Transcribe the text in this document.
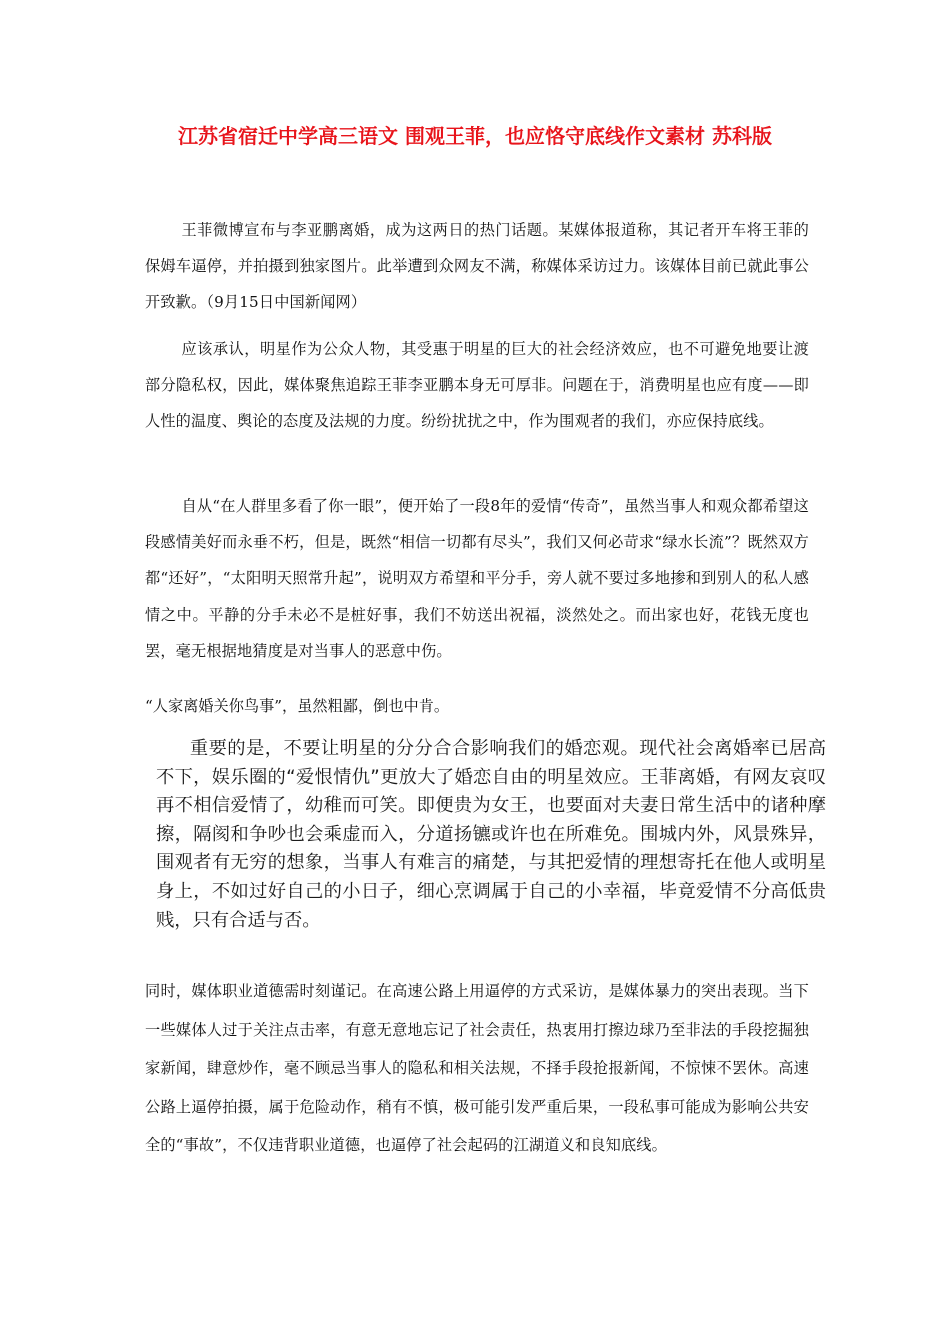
江苏省宿迁中学高三语文 围观王菲，也应恪守底线作文素材 苏科版

王菲微博宣布与李亚鹏离婚，成为这两日的热门话题。某媒体报道称，其记者开车将王菲的保姆车逼停，并拍摄到独家图片。此举遭到众网友不满，称媒体采访过力。该媒体目前已就此事公开致歉。（9月15日中国新闻网）

应该承认，明星作为公众人物，其受惠于明星的巨大的社会经济效应，也不可避免地要让渡部分隐私权，因此，媒体聚焦追踪王菲李亚鹏本身无可厚非。问题在于，消费明星也应有度——即人性的温度、舆论的态度及法规的力度。纷纷扰扰之中，作为围观者的我们，亦应保持底线。

自从“在人群里多看了你一眼”，便开始了一段8年的爱情“传奇”，虽然当事人和观众都希望这段感情美好而永垂不朽，但是，既然“相信一切都有尽头”，我们又何必苛求“绿水长流”？既然双方都“还好”，“太阳明天照常升起”，说明双方希望和平分手，旁人就不要过多地掺和到别人的私人感情之中。平静的分手未必不是桩好事，我们不妨送出祝福，淡然处之。而出家也好，花钱无度也罢，毫无根据地猜度是对当事人的恶意中伤。

“人家离婚关你鸟事”，虽然粗鄙，倒也中肯。

重要的是，不要让明星的分分合合影响我们的婚恋观。现代社会离婚率已居高不下，娱乐圈的“爱恨情仇”更放大了婚恋自由的明星效应。王菲离婚，有网友哀叹再不相信爱情了，幼稚而可笑。即便贵为女王，也要面对夫妻日常生活中的诸种摩擦，隔阂和争吵也会乘虚而入，分道扬镳或许也在所难免。围城内外，风景殊异，围观者有无穷的想象，当事人有难言的痛楚，与其把爱情的理想寄托在他人或明星身上，不如过好自己的小日子，细心烹调属于自己的小幸福，毕竟爱情不分高低贵贱，只有合适与否。

同时，媒体职业道德需时刻谨记。在高速公路上用逼停的方式采访，是媒体暴力的突出表现。当下一些媒体人过于关注点击率，有意无意地忘记了社会责任，热衷用打擦边球乃至非法的手段挖掘独家新闻，肆意炒作，毫不顾忌当事人的隐私和相关法规，不择手段抢报新闻，不惊悚不罢休。高速公路上逼停拍摄，属于危险动作，稍有不慎，极可能引发严重后果，一段私事可能成为影响公共安全的“事故”，不仅违背职业道德，也逼停了社会起码的江湖道义和良知底线。
